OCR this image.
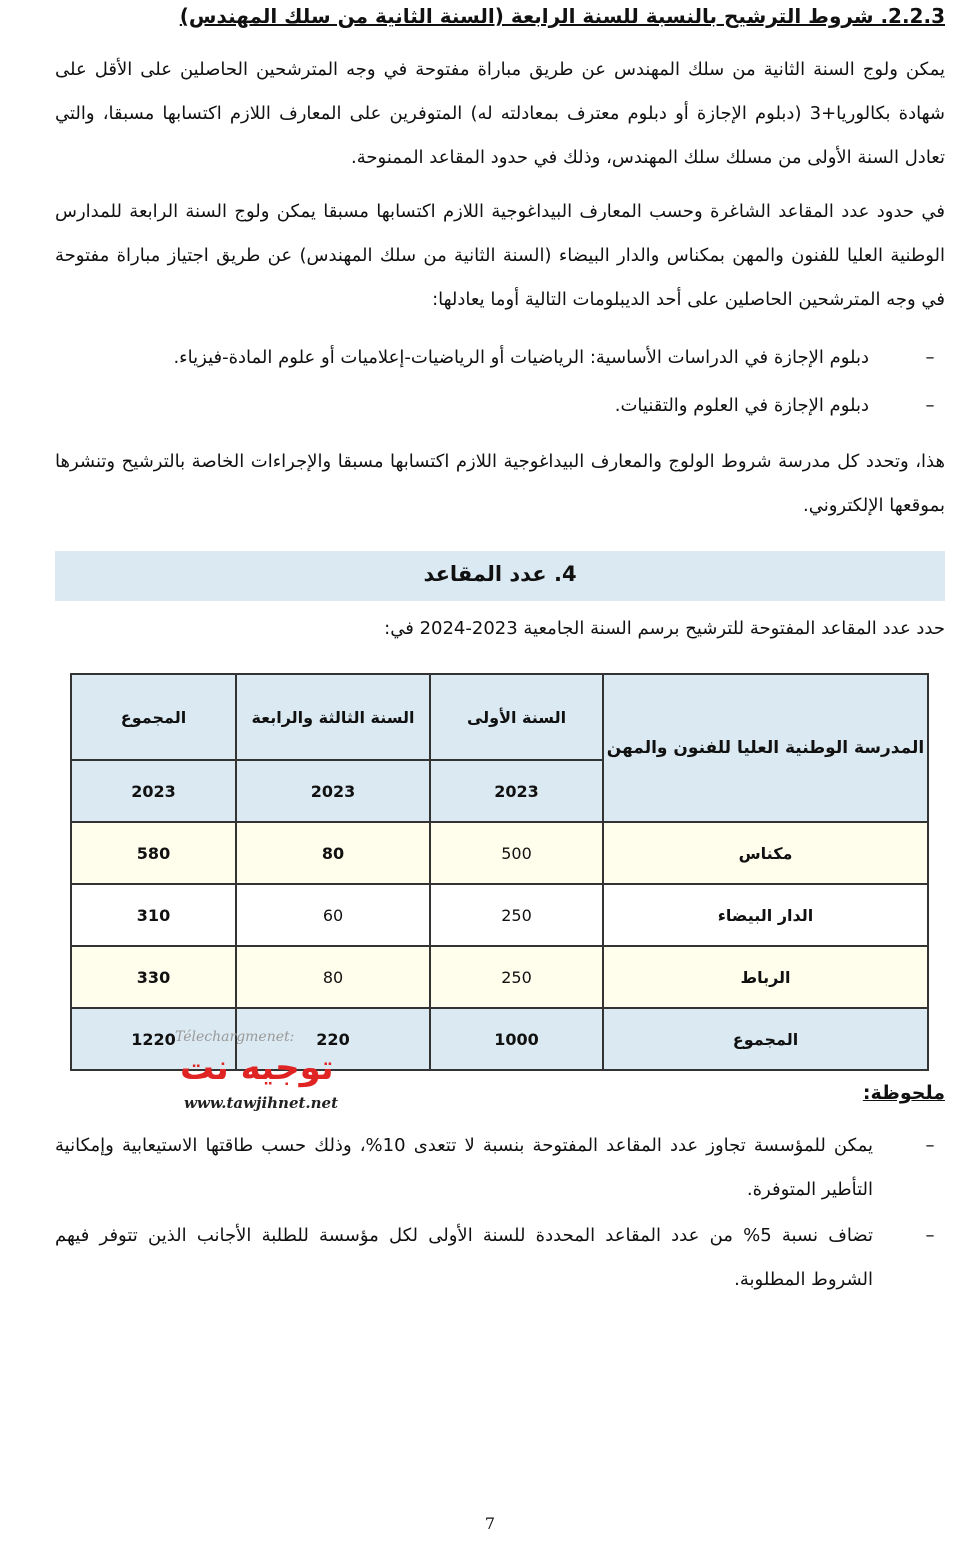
2.2.3. شروط الترشيح بالنسبة للسنة الرابعة (السنة الثانية من سلك المهندس)
يمكن ولوج السنة الثانية من سلك المهندس عن طريق مباراة مفتوحة في وجه المترشحين الحاصلين على الأقل على شهادة بكالوريا+3 (دبلوم الإجازة أو دبلوم معترف بمعادلته له) المتوفرين على المعارف اللازم اكتسابها مسبقا، والتي تعادل السنة الأولى من مسلك سلك المهندس، وذلك في حدود المقاعد الممنوحة.
في حدود عدد المقاعد الشاغرة وحسب المعارف البيداغوجية اللازم اكتسابها مسبقا يمكن ولوج السنة الرابعة للمدارس الوطنية العليا للفنون والمهن بمكناس والدار البيضاء (السنة الثانية من سلك المهندس) عن طريق اجتياز مباراة مفتوحة في وجه المترشحين الحاصلين على أحد الديبلومات التالية أوما يعادلها:
–
دبلوم الإجازة في الدراسات الأساسية: الرياضيات أو الرياضيات-إعلاميات أو علوم المادة-فيزياء.
–
دبلوم الإجازة في العلوم والتقنيات.
هذا، وتحدد كل مدرسة شروط الولوج والمعارف البيداغوجية اللازم اكتسابها مسبقا والإجراءات الخاصة بالترشيح وتنشرها بموقعها الإلكتروني.
4. عدد المقاعد
حدد عدد المقاعد المفتوحة للترشيح برسم السنة الجامعية 2023-2024 في:
المدرسة الوطنية العليا للفنون والمهن	السنة الأولى	السنة الثالثة والرابعة	المجموع
	2023	2023	2023
مكناس	500	80	580
الدار البيضاء	250	60	310
الرباط	250	80	330
المجموع	1000	220	1220
ملحوظة:
–
يمكن للمؤسسة تجاوز عدد المقاعد المفتوحة بنسبة لا تتعدى 10%، وذلك حسب طاقتها الاستيعابية وإمكانية التأطير المتوفرة.
–
تضاف نسبة 5% من عدد المقاعد المحددة للسنة الأولى لكل مؤسسة للطلبة الأجانب الذين تتوفر فيهم الشروط المطلوبة.
Télechargmenet:
توجيه نت
www.tawjihnet.net
7
